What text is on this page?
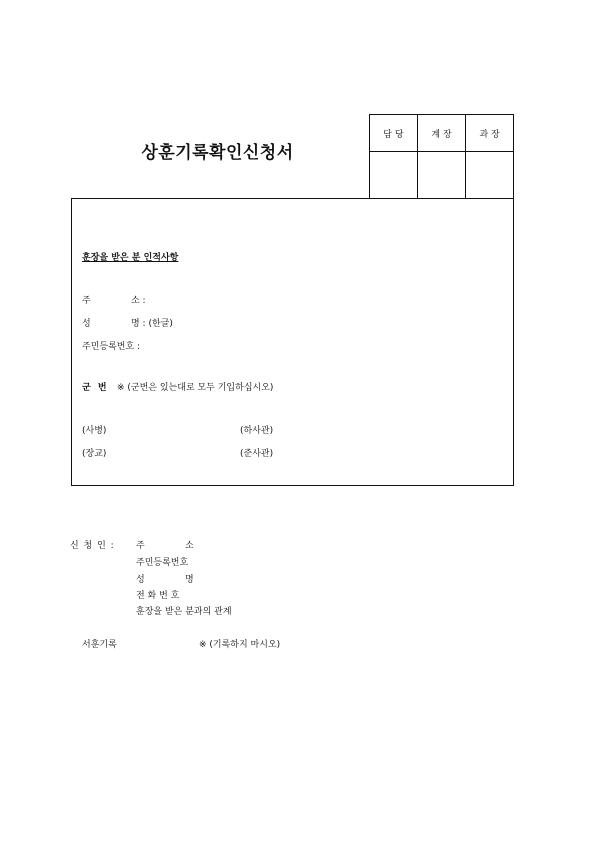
상훈기록확인신청서
담 당	계 장	과 장

훈장을 받은 분 인적사항
주	소 :
성	명 : (한글)
주민등록번호 :
군 번 ※ (군번은 있는대로 모두 기입하십시오)
(사병)	(하사관)
(장교)	(준사관)
신 청 인 : 주	소
주민등록번호
성	명
전 화 번 호
훈장을 받은 분과의 관계
서훈기록	※ (기록하지 마시오)
